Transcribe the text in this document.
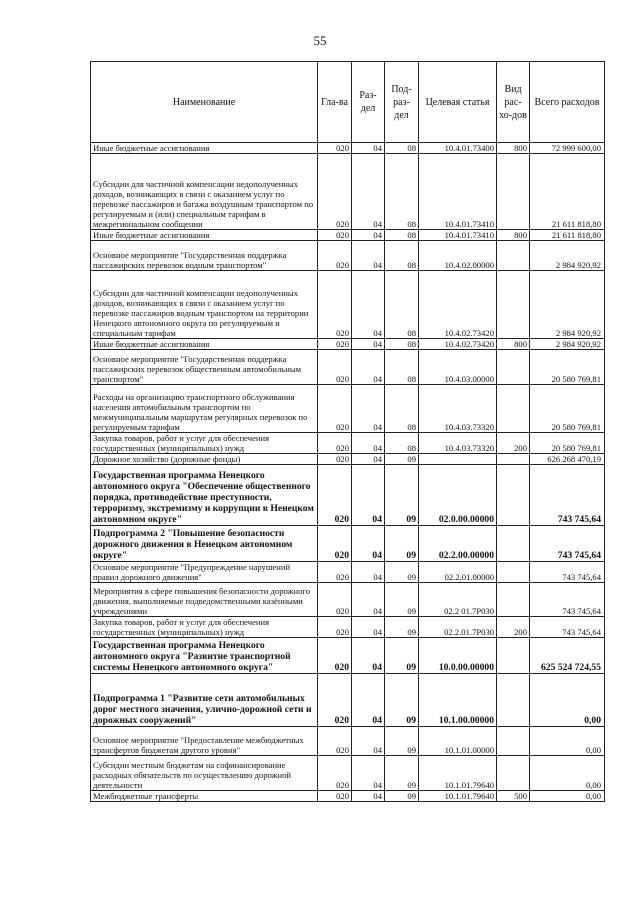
55
Наименование	Гла-ва	Раз-дел	Под-раз-дел	Целевая статья	Вид рас-хо-дов	Всего расходов
Иные бюджетные ассигнования	020	04	08	10.4.01.73400	800	72 999 600,00
Субсидии для частичной компенсации недополученных доходов, возникающих в связи с оказанием услуг по перевозке пассажиров и багажа воздушным транспортом по регулируемым и (или) специальным тарифам в межрегиональном сообщении	020	04	08	10.4.01.73410		21 611 818,80
Иные бюджетные ассигнования	020	04	08	10.4.01.73410	800	21 611 818,80
Основное мероприятие "Государственная поддержка пассажирских перевозок водным транспортом"	020	04	08	10.4.02.00000		2 984 920,92
Субсидии для частичной компенсации недополученных доходов, возникающих в связи с оказанием услуг по перевозке пассажиров водным транспортом на территории Ненецкого автономного округа по регулируемым и специальным тарифам	020	04	08	10.4.02.73420		2 984 920,92
Иные бюджетные ассигнования	020	04	08	10.4.02.73420	800	2 984 920,92
Основное мероприятие "Государственная поддержка пассажирских перевозок общественным автомобильным транспортом"	020	04	08	10.4.03.00000		20 580 769,81
Расходы на организацию транспортного обслуживания населения автомобильным транспортом по межмуниципальным маршрутам регулярных перевозок по регулируемым тарифам	020	04	08	10.4.03.73320		20 580 769,81
Закупка товаров, работ и услуг для обеспечения государственных (муниципальных) нужд	020	04	08	10.4.03.73320	200	20 580 769,81
Дорожное хозяйство (дорожные фонды)	020	04	09			626 268 470,19
Государственная программа Ненецкого автономного округа "Обеспечение общественного порядка, противодействие преступности, терроризму, экстремизму и коррупции в Ненецком автономном округе"	020	04	09	02.0.00.00000		743 745,64
Подпрограмма 2 "Повышение безопасности дорожного движения в Ненецком автономном округе"	020	04	09	02.2.00.00000		743 745,64
Основное мероприятие "Предупреждение нарушений правил дорожного движения"	020	04	09	02.2.01.00000		743 745,64
Мероприятия в сфере повышения безопасности дорожного движения, выполняемые подведомственными казёнными учреждениями	020	04	09	02.2 01.7Р030		743 745,64
Закупка товаров, работ и услуг для обеспечения государственных (муниципальных) нужд	020	04	09	02.2.01.7Р030	200	743 745,64
Государственная программа Ненецкого автономного округа "Развитие транспортной системы Ненецкого автономного округа"	020	04	09	10.0.00.00000		625 524 724,55
Подпрограмма 1 "Развитие сети автомобильных дорог местного значения, улично-дорожной сети и дорожных сооружений"	020	04	09	10.1.00.00000		0,00
Основное мероприятие "Предоставление межбюджетных трансфертов бюджетам другого уровня"	020	04	09	10.1.01.00000		0,00
Субсидии местным бюджетам на софинансирование расходных обязательств по осуществлению дорожной деятельности	020	04	09	10.1.01.79640		0,00
Межбюджетные трансферты	020	04	09	10.1.01.79640	500	0,00
